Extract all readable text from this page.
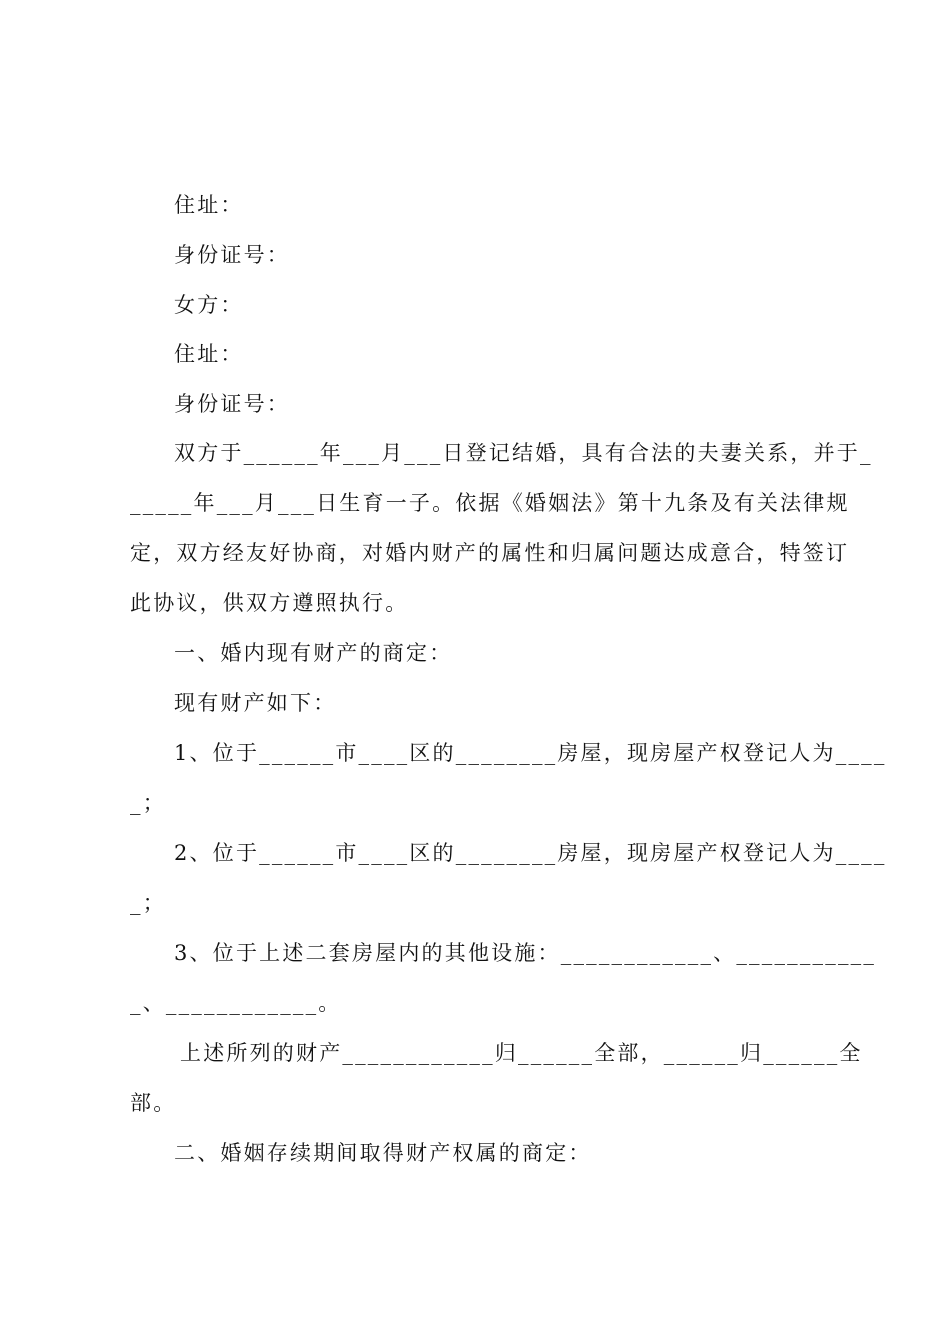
住址：
身份证号：
女方：
住址：
身份证号：
双方于______年___月___日登记结婚，具有合法的夫妻关系，并于_
_____年___月___日生育一子。依据《婚姻法》第十九条及有关法律规
定，双方经友好协商，对婚内财产的属性和归属问题达成意合，特签订
此协议，供双方遵照执行。
一、婚内现有财产的商定：
现有财产如下：
1、位于______市____区的________房屋，现房屋产权登记人为____
_；
2、位于______市____区的________房屋，现房屋产权登记人为____
_；
3、位于上述二套房屋内的其他设施：____________、___________
_、____________。
上述所列的财产____________归______全部，______归______全
部。
二、婚姻存续期间取得财产权属的商定：
